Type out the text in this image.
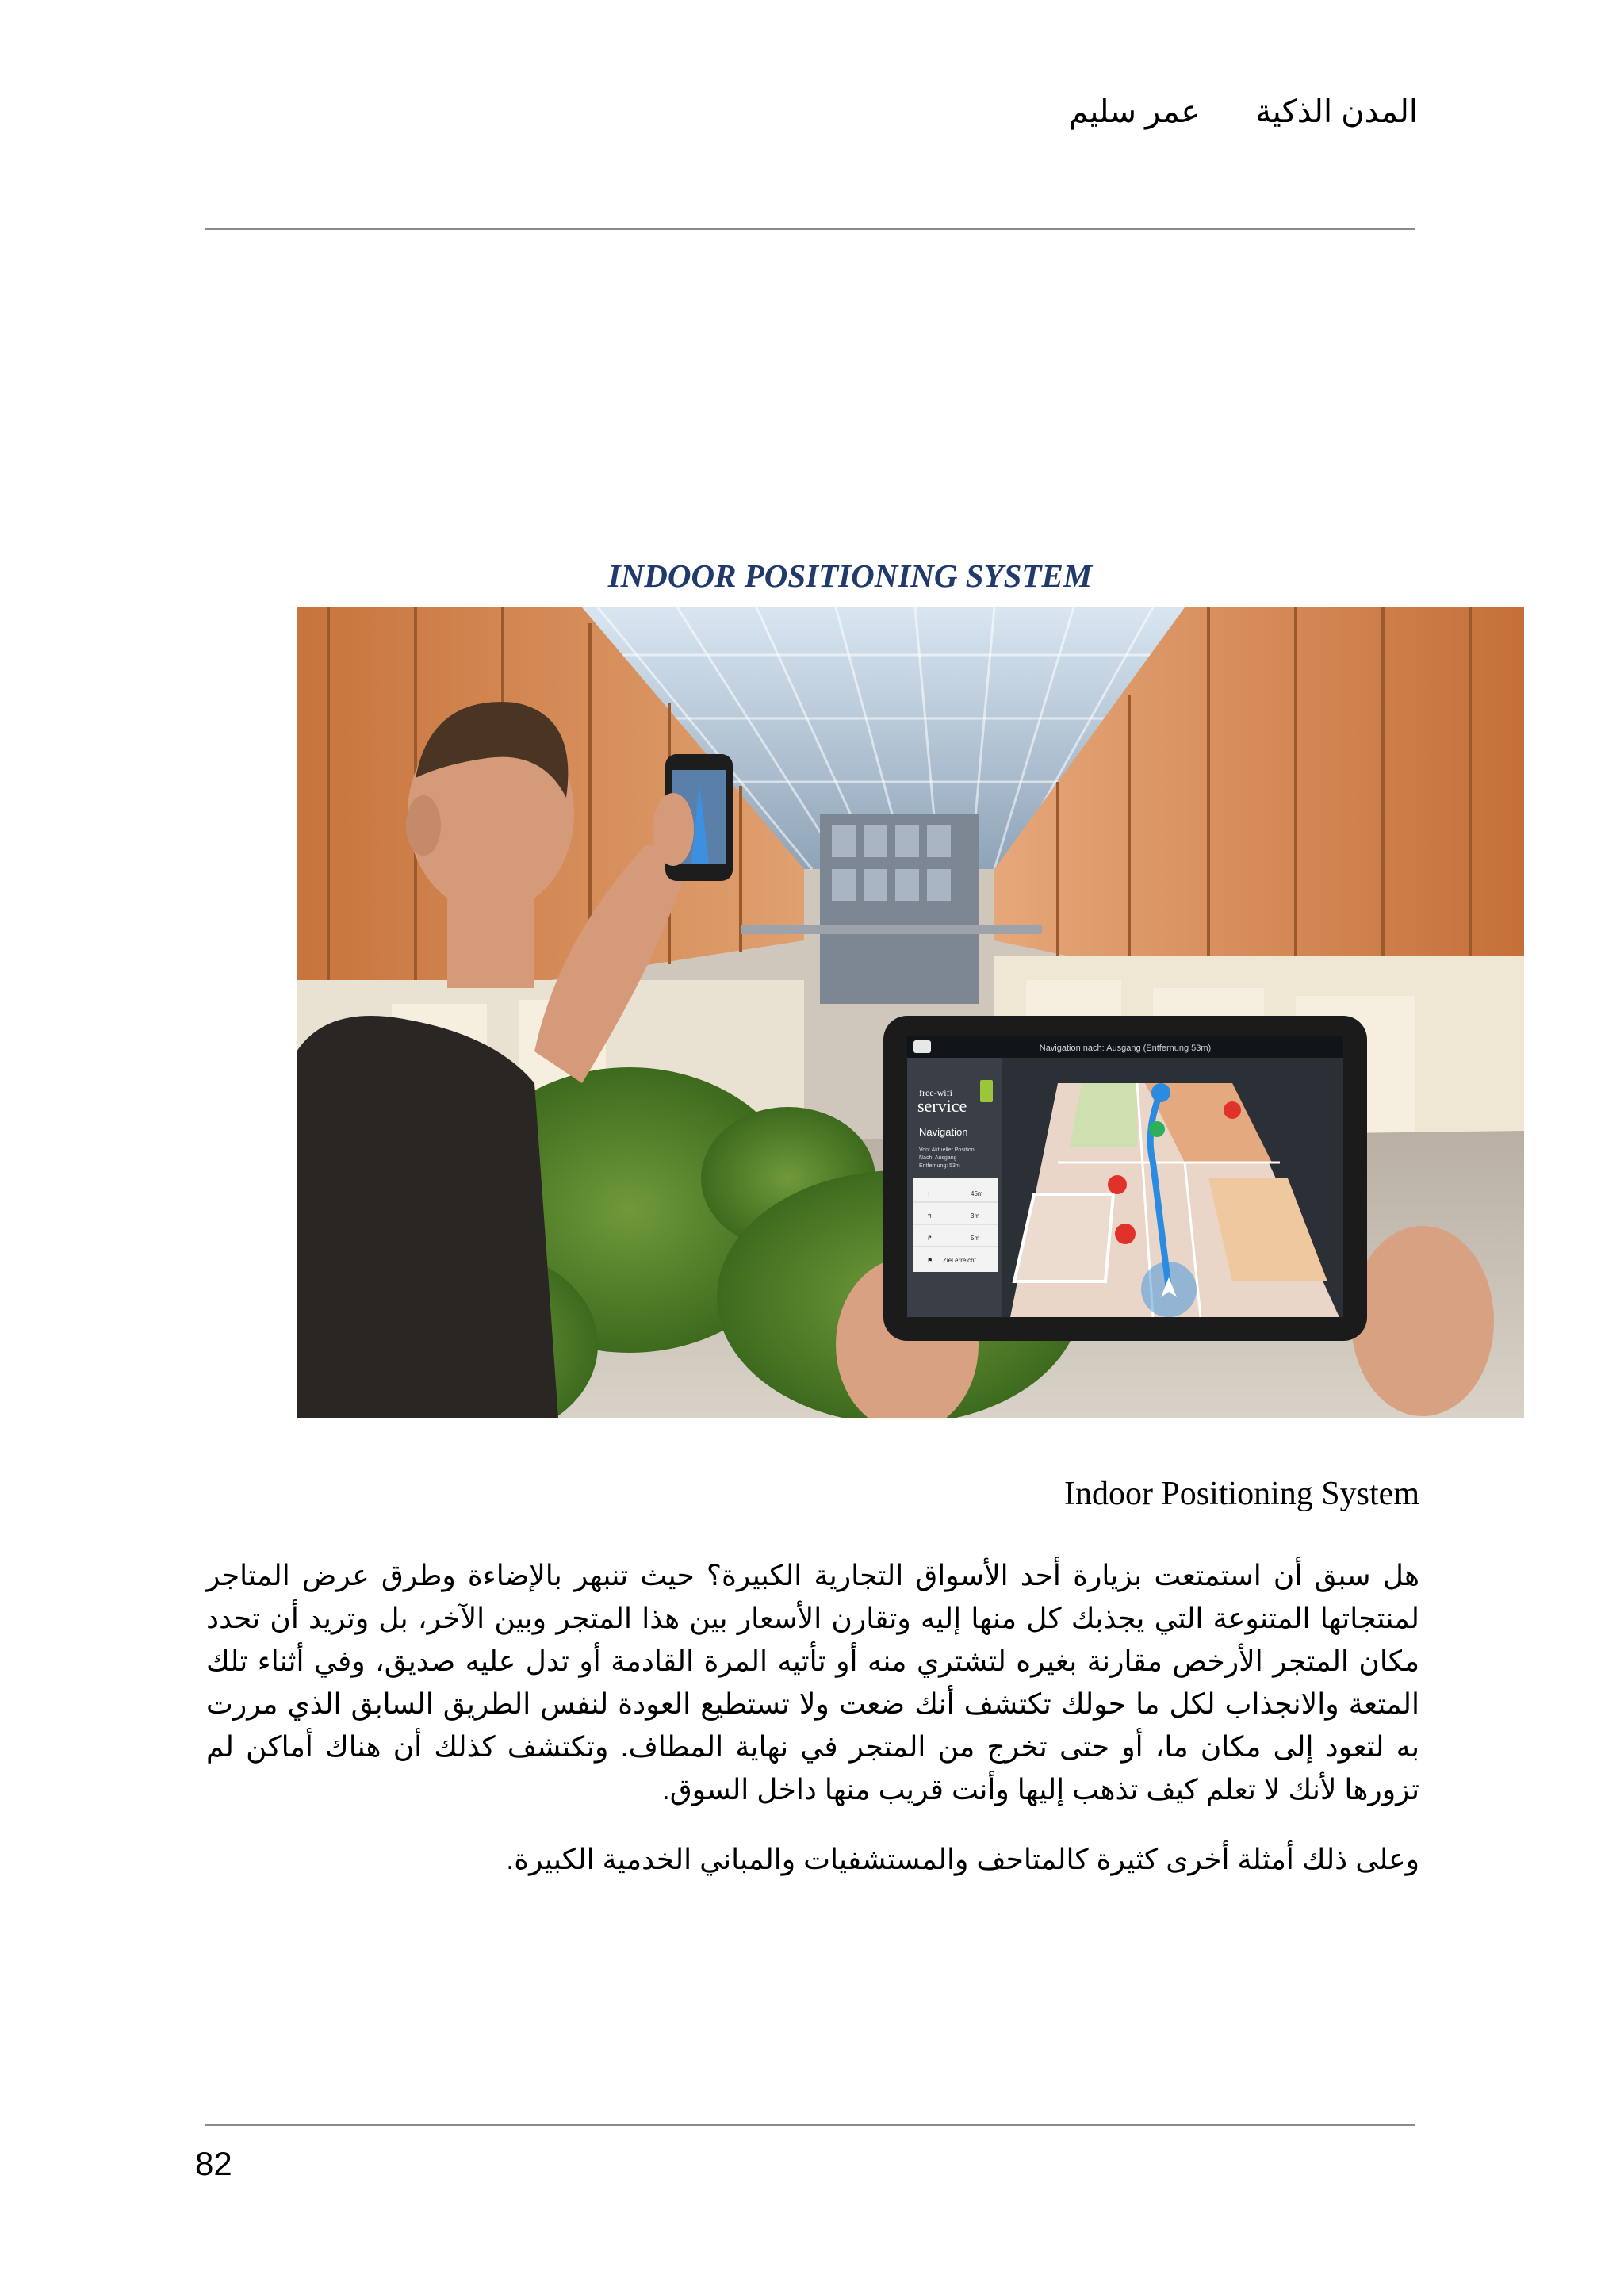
المدن الذكية
عمر سليم
INDOOR POSITIONING SYSTEM
Navigation nach: Ausgang (Entfernung 53m)
free-wifi
service
Navigation
Von: Aktueller Position
Nach: Ausgang
Entfernung: 53m
↑	45m
↰	3m
↱	5m
⚑ Ziel erreicht
Indoor Positioning System

هل سبق أن استمتعت بزيارة أحد الأسواق التجارية الكبيرة؟ حيث تنبهر بالإضاءة وطرق عرض المتاجر لمنتجاتها المتنوعة التي يجذبك كل منها إليه وتقارن الأسعار بين هذا المتجر وبين الآخر، بل وتريد أن تحدد مكان المتجر الأرخص مقارنة بغيره لتشتري منه أو تأتيه المرة القادمة أو تدل عليه صديق، وفي أثناء تلك المتعة والانجذاب لكل ما حولك تكتشف أنك ضعت ولا تستطيع العودة لنفس الطريق السابق الذي مررت به لتعود إلى مكان ما، أو حتى تخرج من المتجر في نهاية المطاف. وتكتشف كذلك أن هناك أماكن لم تزورها لأنك لا تعلم كيف تذهب إليها وأنت قريب منها داخل السوق.

وعلى ذلك أمثلة أخرى كثيرة كالمتاحف والمستشفيات والمباني الخدمية الكبيرة.

82
